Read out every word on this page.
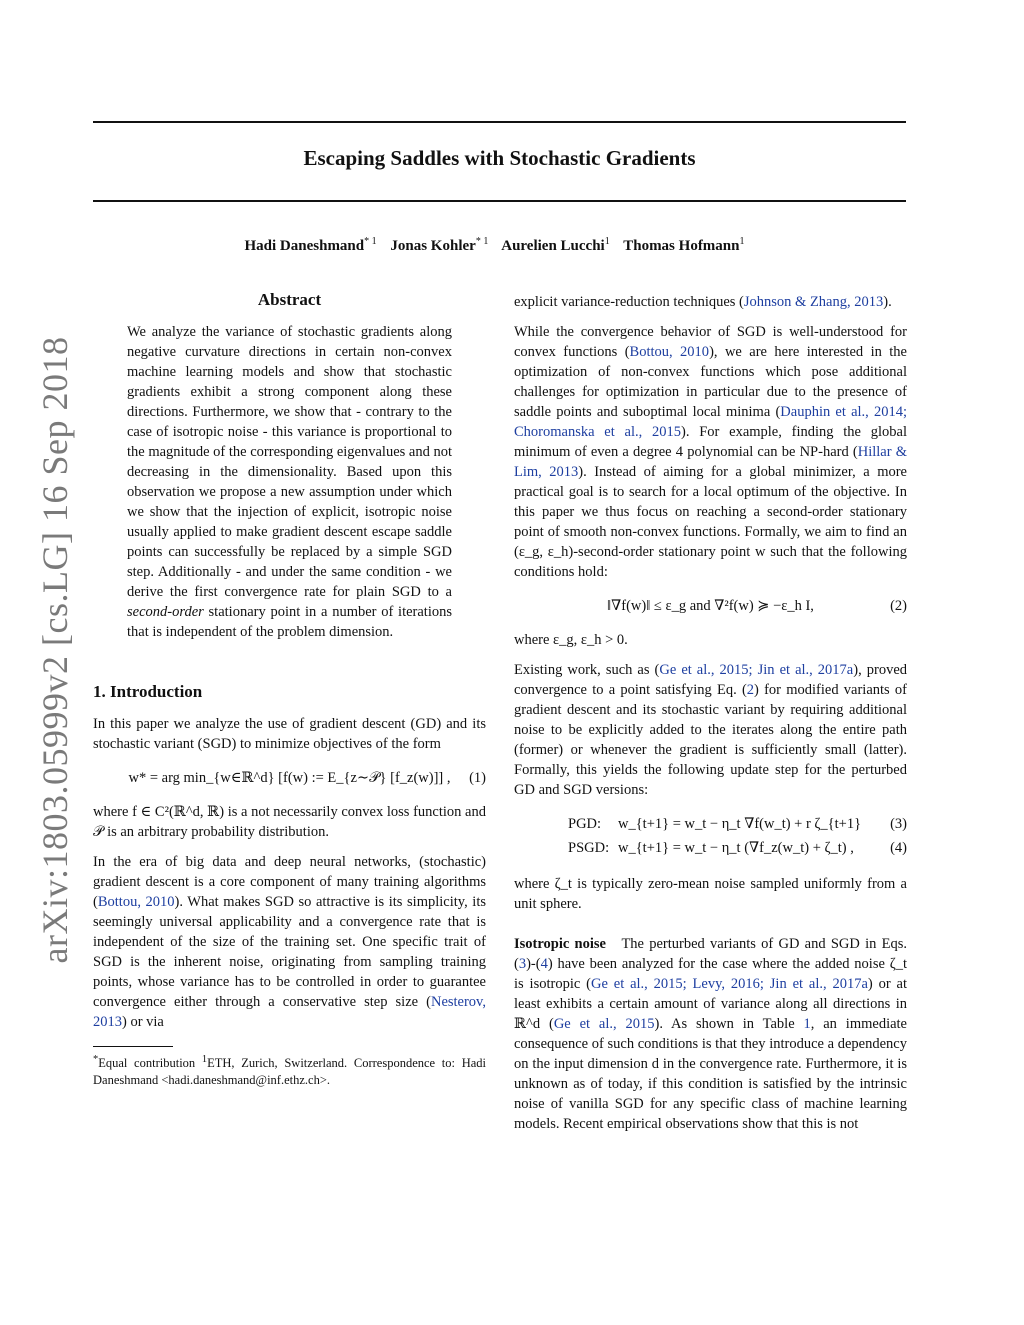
arXiv:1803.05999v2 [cs.LG] 16 Sep 2018
Escaping Saddles with Stochastic Gradients
Hadi Daneshmand$^{* 1}$ Jonas Kohler$^{* 1}$ Aurelien Lucchi$^1$ Thomas Hofmann$^1$

Abstract

We analyze the variance of stochastic gradients along negative curvature directions in certain non-convex machine learning models and show that stochastic gradients exhibit a strong component along these directions. Furthermore, we show that - contrary to the case of isotropic noise - this variance is proportional to the magnitude of the corresponding eigenvalues and not decreasing in the dimensionality. Based upon this observation we propose a new assumption under which we show that the injection of explicit, isotropic noise usually applied to make gradient descent escape saddle points can successfully be replaced by a simple SGD step. Additionally - and under the same condition - we derive the first convergence rate for plain SGD to a second-order stationary point in a number of iterations that is independent of the problem dimension.

1. Introduction

In this paper we analyze the use of gradient descent (GD) and its stochastic variant (SGD) to minimize objectives of the form

w* = arg min_{w∈ℝ^d} [f(w) := E_{z∼𝒫} [f_z(w)]] , (1)

where f ∈ C²(ℝ^d, ℝ) is a not necessarily convex loss function and 𝒫 is an arbitrary probability distribution.

In the era of big data and deep neural networks, (stochastic) gradient descent is a core component of many training algorithms (Bottou, 2010). What makes SGD so attractive is its simplicity, its seemingly universal applicability and a convergence rate that is independent of the size of the training set. One specific trait of SGD is the inherent noise, originating from sampling training points, whose variance has to be controlled in order to guarantee convergence either through a conservative step size (Nesterov, 2013) or via

*Equal contribution $^1$ETH, Zurich, Switzerland. Correspondence to: Hadi Daneshmand <hadi.daneshmand@inf.ethz.ch>.

explicit variance-reduction techniques (Johnson & Zhang, 2013).

While the convergence behavior of SGD is well-understood for convex functions (Bottou, 2010), we are here interested in the optimization of non-convex functions which pose additional challenges for optimization in particular due to the presence of saddle points and suboptimal local minima (Dauphin et al., 2014; Choromanska et al., 2015). For example, finding the global minimum of even a degree 4 polynomial can be NP-hard (Hillar & Lim, 2013). Instead of aiming for a global minimizer, a more practical goal is to search for a local optimum of the objective. In this paper we thus focus on reaching a second-order stationary point of smooth non-convex functions. Formally, we aim to find an (ε_g, ε_h)-second-order stationary point w such that the following conditions hold:

‖∇f(w)‖ ≤ ε_g and ∇²f(w) ≽ −ε_h I,	(2)

where ε_g, ε_h > 0.

Existing work, such as (Ge et al., 2015; Jin et al., 2017a), proved convergence to a point satisfying Eq. (2) for modified variants of gradient descent and its stochastic variant by requiring additional noise to be explicitly added to the iterates along the entire path (former) or whenever the gradient is sufficiently small (latter). Formally, this yields the following update step for the perturbed GD and SGD versions:

PGD: w_{t+1} = w_t − η_t ∇f(w_t) + r ζ_{t+1} (3)
PSGD: w_{t+1} = w_t − η_t (∇f_z(w_t) + ζ_t) , (4)

where ζ_t is typically zero-mean noise sampled uniformly from a unit sphere.

Isotropic noise The perturbed variants of GD and SGD in Eqs. (3)-(4) have been analyzed for the case where the added noise ζ_t is isotropic (Ge et al., 2015; Levy, 2016; Jin et al., 2017a) or at least exhibits a certain amount of variance along all directions in ℝ^d (Ge et al., 2015). As shown in Table 1, an immediate consequence of such conditions is that they introduce a dependency on the input dimension d in the convergence rate. Furthermore, it is unknown as of today, if this condition is satisfied by the intrinsic noise of vanilla SGD for any specific class of machine learning models. Recent empirical observations show that this is not
